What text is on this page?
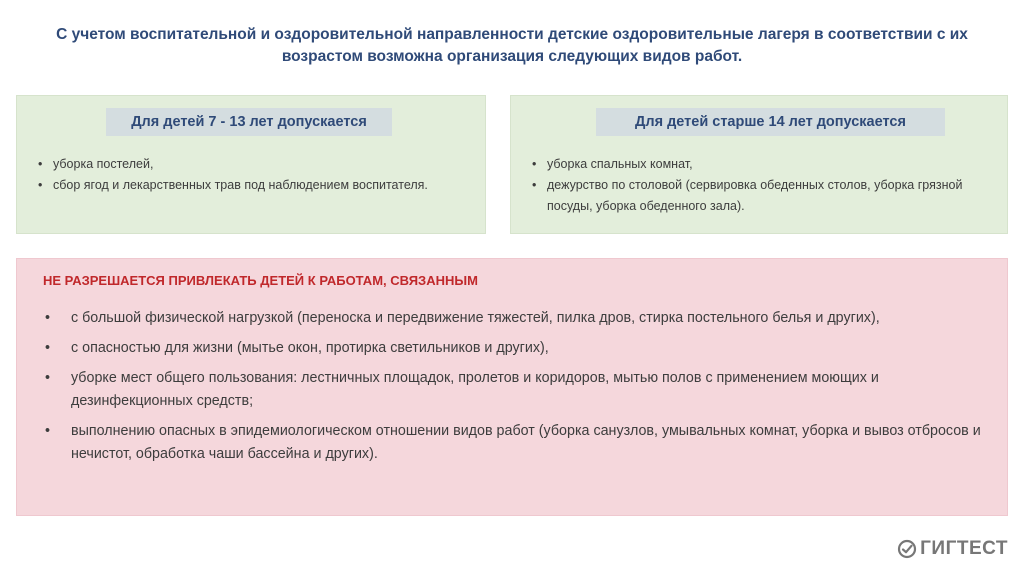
С учетом воспитательной и оздоровительной направленности детские оздоровительные лагеря в соответствии с их возрастом возможна организация следующих видов работ.
Для детей 7 - 13 лет допускается
• уборка постелей,
• сбор ягод и лекарственных трав под наблюдением воспитателя.
Для детей старше 14 лет допускается
• уборка спальных комнат,
• дежурство по столовой (сервировка обеденных столов, уборка грязной посуды, уборка обеденного зала).
НЕ РАЗРЕШАЕТСЯ ПРИВЛЕКАТЬ ДЕТЕЙ К РАБОТАМ, СВЯЗАННЫМ
• с большой физической нагрузкой (переноска и передвижение тяжестей, пилка дров, стирка постельного белья и других),
• с опасностью для жизни (мытье окон, протирка светильников и других),
• уборке мест общего пользования: лестничных площадок, пролетов и коридоров, мытью полов с применением моющих и дезинфекционных средств;
• выполнению опасных в эпидемиологическом отношении видов работ (уборка санузлов, умывальных комнат, уборка и вывоз отбросов и нечистот, обработка чаши бассейна и других).
ГИГТЕСТ
